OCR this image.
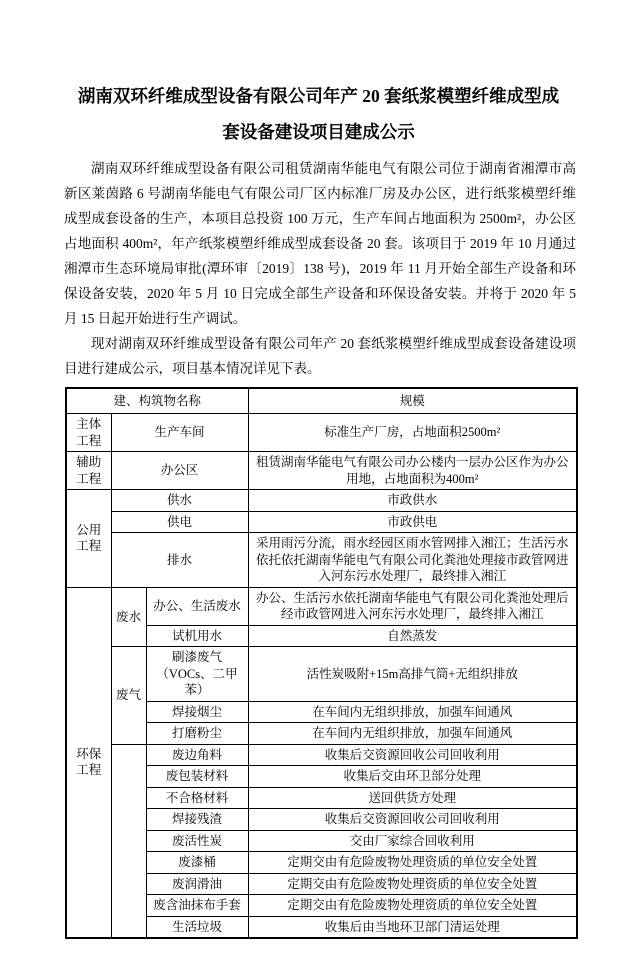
湖南双环纤维成型设备有限公司年产 20 套纸浆模塑纤维成型成
套设备建设项目建成公示

湖南双环纤维成型设备有限公司租赁湖南华能电气有限公司位于湖南省湘潭市高新区莱茵路 6 号湖南华能电气有限公司厂区内标准厂房及办公区，进行纸浆模塑纤维成型成套设备的生产，本项目总投资 100 万元，生产车间占地面积为 2500m²，办公区占地面积 400m²，年产纸浆模塑纤维成型成套设备 20 套。该项目于 2019 年 10 月通过湘潭市生态环境局审批(潭环审〔2019〕138 号)，2019 年 11 月开始全部生产设备和环保设备安装，2020 年 5 月 10 日完成全部生产设备和环保设备安装。并将于 2020 年 5 月 15 日起开始进行生产调试。

现对湖南双环纤维成型设备有限公司年产 20 套纸浆模塑纤维成型成套设备建设项目进行建成公示，项目基本情况详见下表。

建、构筑物名称			规模
主体工程	生产车间		标准生产厂房，占地面积2500m²
辅助工程	办公区		租赁湖南华能电气有限公司办公楼内一层办公区作为办公用地，占地面积为400m²
公用工程	供水		市政供水
	供电		市政供电
	排水		采用雨污分流，雨水经园区雨水管网排入湘江；生活污水依托依托湖南华能电气有限公司化粪池处理接市政管网进入河东污水处理厂，最终排入湘江
环保工程	废水	办公、生活废水	办公、生活污水依托湖南华能电气有限公司化粪池处理后经市政管网进入河东污水处理厂，最终排入湘江
		试机用水	自然蒸发
	废气	刷漆废气（VOCs、二甲苯）	活性炭吸附+15m高排气筒+无组织排放
		焊接烟尘	在车间内无组织排放，加强车间通风
		打磨粉尘	在车间内无组织排放，加强车间通风
		废边角料	收集后交资源回收公司回收利用
		废包装材料	收集后交由环卫部分处理
		不合格材料	送回供货方处理
		焊接残渣	收集后交资源回收公司回收利用
		废活性炭	交由厂家综合回收利用
		废漆桶	定期交由有危险废物处理资质的单位安全处置
		废润滑油	定期交由有危险废物处理资质的单位安全处置
		废含油抹布手套	定期交由有危险废物处理资质的单位安全处置
		生活垃圾	收集后由当地环卫部门清运处理
